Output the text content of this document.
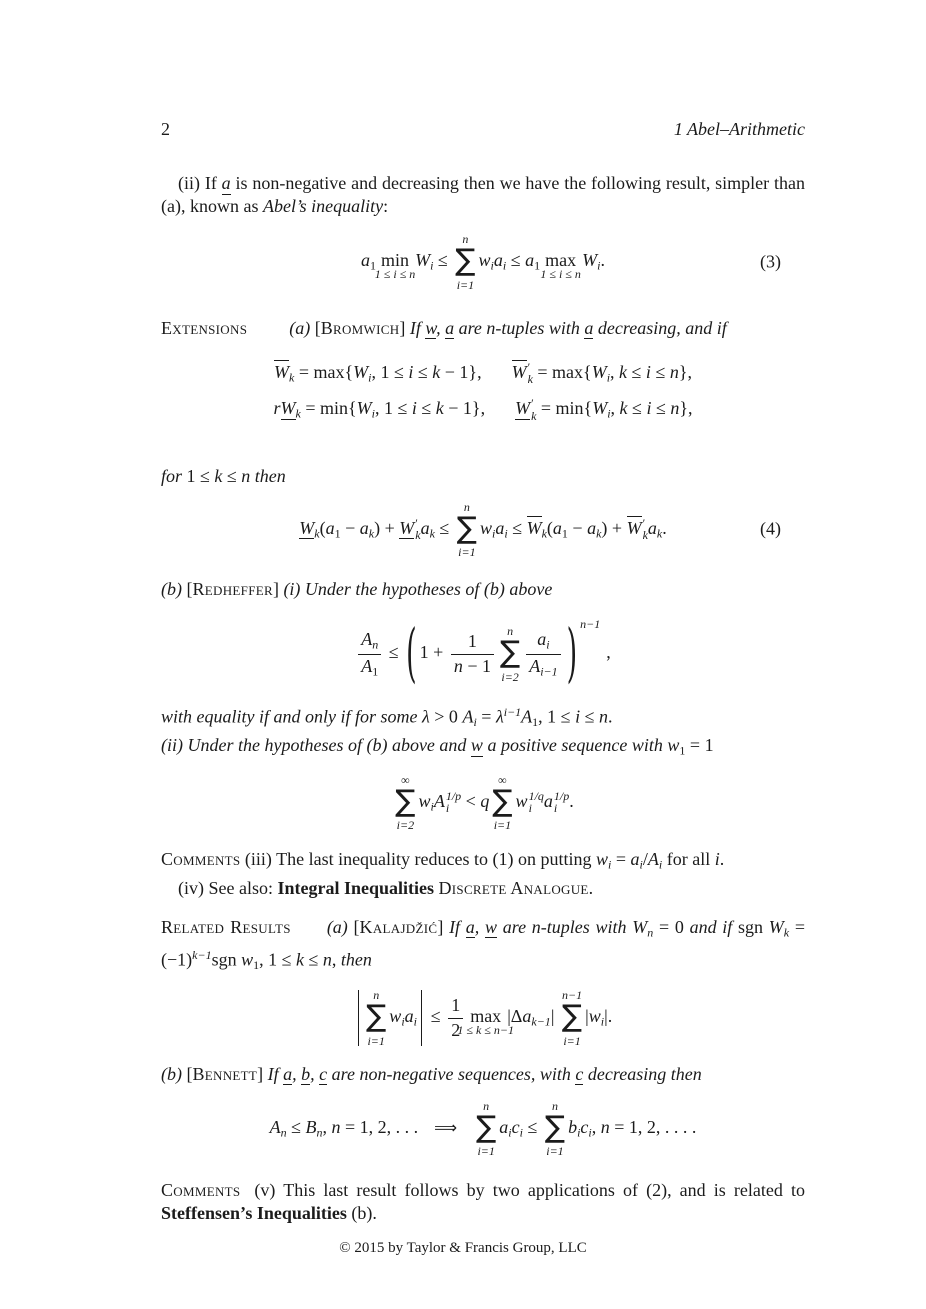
2	1 Abel–Arithmetic
(ii) If a is non-negative and decreasing then we have the following result, simpler than (a), known as Abel’s inequality:
$a_1$ min
1 ≤ i ≤ n
$W_i$ ≤
n
∑
i=1
$w_ia_i \le a_1$ max
1 ≤ i ≤ n
$W_i$.	(3)
Extensions (a) [Bromwich] If w, a are n-tuples with a decreasing, and if
$W_k = \max\{W_i$, 1 ≤ i ≤ k − 1}, W ′
$k = \max\{W_i$, k ≤ i ≤ n},
$rW_k = \min\{W_i$, 1 ≤ i ≤ k − 1}, W ′
$k = \min\{W_i$, k ≤ i ≤ n},
for 1 ≤ k ≤ n then
$W_k(a_1 - a_k) + W$ ′
k $a_k$ ≤
n
∑
i=1
$w_ia_i \le W_k(a_1 - a_k) + W$ ′
k $a_k$.	(4)
(b) [Redheffer] (i) Under the hypotheses of (b) above
$\frac{A_n}{A_1}$ ≤ ( $1 + \frac{1}{n - 1}$ n
∑
$i=2 \frac{a_i}{A_{i-1}}$ ) $^{n-1}$,
with equality if and only if for some λ > 0 $A_i = \lambda^{i-1}A_1$, 1 ≤ i ≤ n.
(ii) Under the hypotheses of (b) above and w a positive sequence with $w_1 = 1$
∞
∑
i=2
$w_iA$ 1/p
i < q
∞
∑
i=1
w 1/q
i a 1/p
i .
Comments (iii) The last inequality reduces to (1) on putting $w_i = a_i/A_i$ for all i.
(iv) See also: Integral Inequalities Discrete Analogue.
Related Results (a) [Kalajdžić] If a, w are n-tuples with $W_n = 0$ and if sgn $W_k = (-1)^{k-1}sgn$ $w_1$, 1 ≤ k ≤ n, then
n
∑
i=1
$w_ia_i \le \frac{1}{2}$ max
1 ≤ k ≤ n−1
$|\Delta a_{k-1}|$
n−1
∑
i=1
$|w_i|$.
(b) [Bennett] If a, b, c are non-negative sequences, with c decreasing then
$A_n \le B_n$, n = 1, 2, . . . ⟹
n
∑
i=1
$a_ic_i$ ≤
n
∑
i=1
$b_ic_i$, n = 1, 2, . . . .
Comments (v) This last result follows by two applications of (2), and is related to Steffensen’s Inequalities (b).
© 2015 by Taylor & Francis Group, LLC
